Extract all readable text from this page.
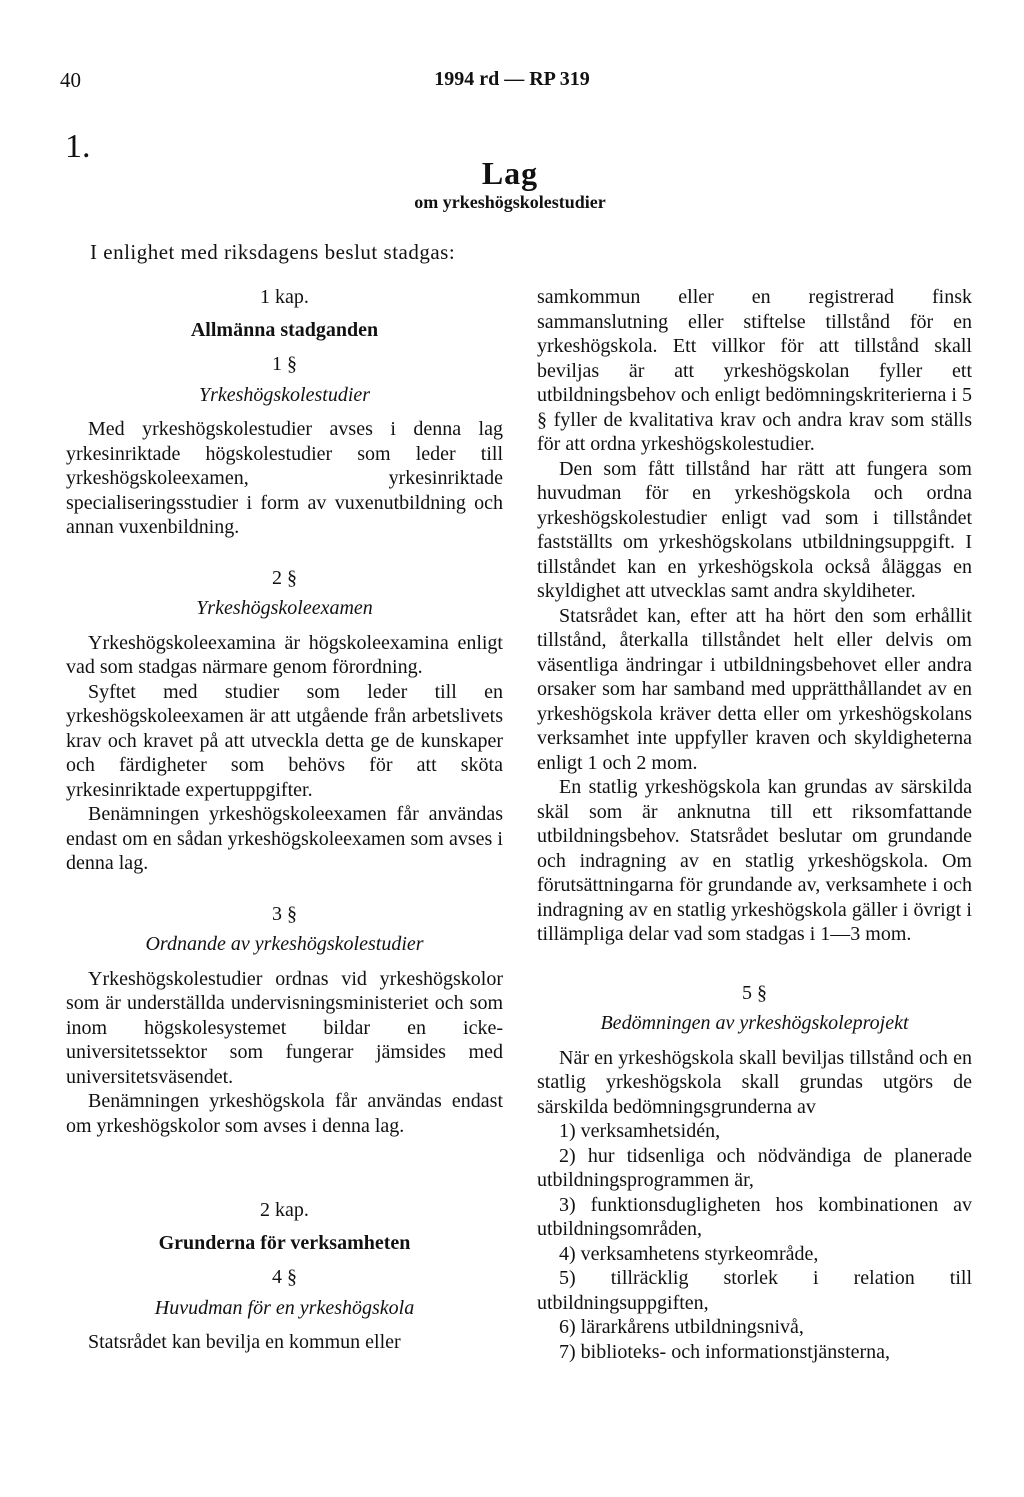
40	1994 rd — RP 319
1.
Lag
om yrkeshögskolestudier
I enlighet med riksdagens beslut stadgas:
1 kap.
Allmänna stadganden
1 §
Yrkeshögskolestudier

Med yrkeshögskolestudier avses i denna lag yrkesinriktade högskolestudier som leder till yrkeshögskoleexamen, yrkesinriktade specialiseringsstudier i form av vuxenutbildning och annan vuxenbildning.

2 §
Yrkeshögskoleexamen

Yrkeshögskoleexamina är högskoleexamina enligt vad som stadgas närmare genom förordning.

Syftet med studier som leder till en yrkeshögskoleexamen är att utgående från arbetslivets krav och kravet på att utveckla detta ge de kunskaper och färdigheter som behövs för att sköta yrkesinriktade expertuppgifter.

Benämningen yrkeshögskoleexamen får användas endast om en sådan yrkeshögskoleexamen som avses i denna lag.

3 §
Ordnande av yrkeshögskolestudier

Yrkeshögskolestudier ordnas vid yrkeshögskolor som är underställda undervisningsministeriet och som inom högskolesystemet bildar en icke-universitetssektor som fungerar jämsides med universitetsväsendet.

Benämningen yrkeshögskola får användas endast om yrkeshögskolor som avses i denna lag.

2 kap.
Grunderna för verksamheten
4 §
Huvudman för en yrkeshögskola

Statsrådet kan bevilja en kommun eller

samkommun eller en registrerad finsk sammanslutning eller stiftelse tillstånd för en yrkeshögskola. Ett villkor för att tillstånd skall beviljas är att yrkeshögskolan fyller ett utbildningsbehov och enligt bedömningskriterierna i 5 § fyller de kvalitativa krav och andra krav som ställs för att ordna yrkeshögskolestudier.

Den som fått tillstånd har rätt att fungera som huvudman för en yrkeshögskola och ordna yrkeshögskolestudier enligt vad som i tillståndet fastställts om yrkeshögskolans utbildningsuppgift. I tillståndet kan en yrkeshögskola också åläggas en skyldighet att utvecklas samt andra skyldiheter.

Statsrådet kan, efter att ha hört den som erhållit tillstånd, återkalla tillståndet helt eller delvis om väsentliga ändringar i utbildningsbehovet eller andra orsaker som har samband med upprätthållandet av en yrkeshögskola kräver detta eller om yrkeshögskolans verksamhet inte uppfyller kraven och skyldigheterna enligt 1 och 2 mom.

En statlig yrkeshögskola kan grundas av särskilda skäl som är anknutna till ett riksomfattande utbildningsbehov. Statsrådet beslutar om grundande och indragning av en statlig yrkeshögskola. Om förutsättningarna för grundande av, verksamhete i och indragning av en statlig yrkeshögskola gäller i övrigt i tillämpliga delar vad som stadgas i 1—3 mom.

5 §
Bedömningen av yrkeshögskoleprojekt

När en yrkeshögskola skall beviljas tillstånd och en statlig yrkeshögskola skall grundas utgörs de särskilda bedömningsgrunderna av

1) verksamhetsidén,

2) hur tidsenliga och nödvändiga de planerade utbildningsprogrammen är,

3) funktionsdugligheten hos kombinationen av utbildningsområden,

4) verksamhetens styrkeområde,

5) tillräcklig storlek i relation till utbildningsuppgiften,

6) lärarkårens utbildningsnivå,

7) biblioteks- och informationstjänsterna,
